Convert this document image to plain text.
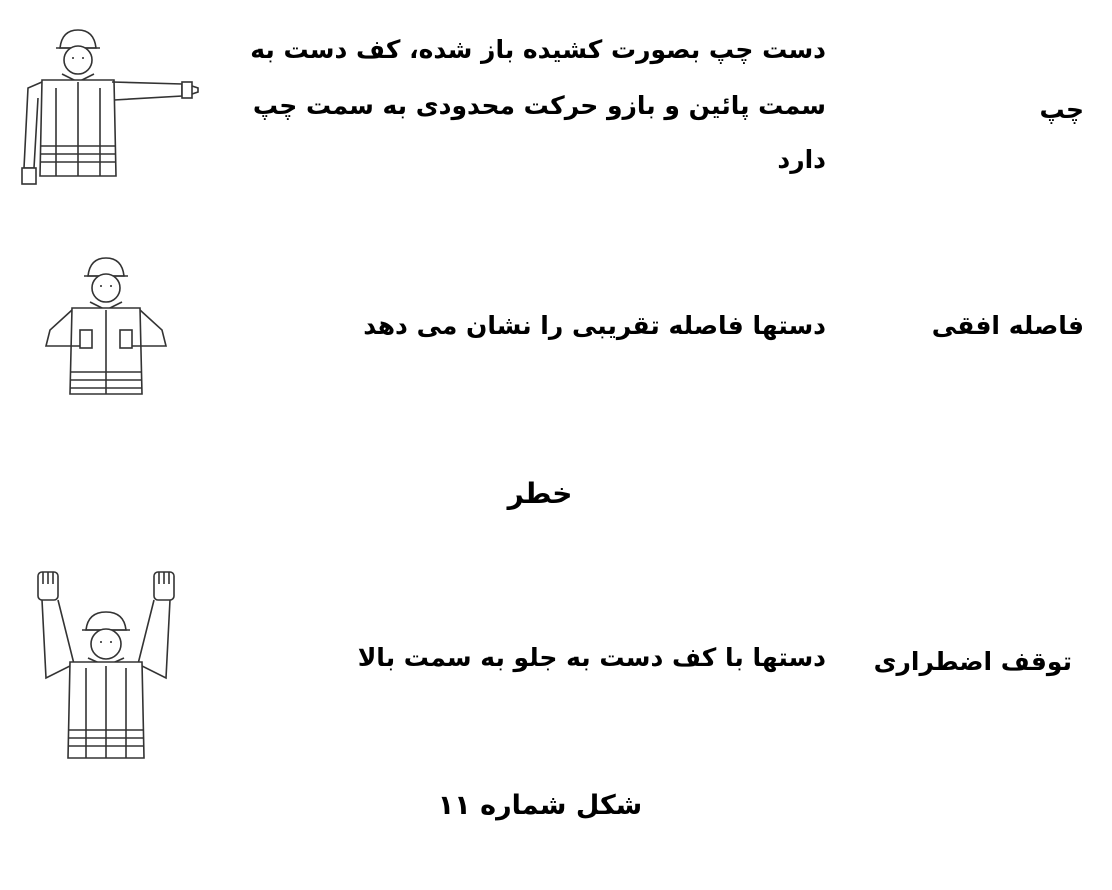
چپ
دست چپ بصورت کشیده باز شده، کف دست به
سمت پائین و بازو حرکت محدودی به سمت چپ
دارد
فاصله افقی
دستها فاصله تقریبی را نشان می دهد
خطر
توقف اضطراری
دستها با کف دست به جلو به سمت بالا
شکل شماره ۱۱
